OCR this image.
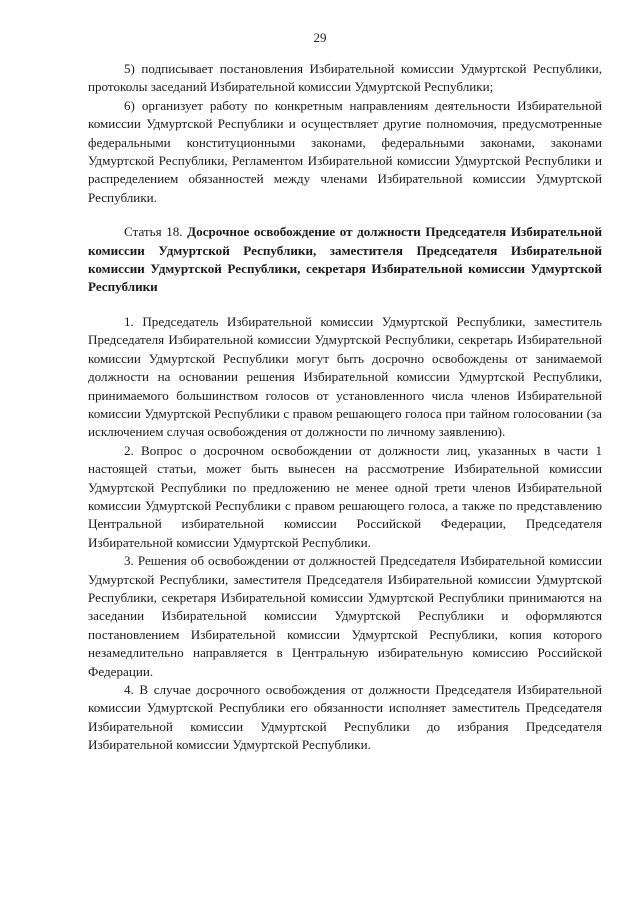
29

5) подписывает постановления Избирательной комиссии Удмуртской Республики, протоколы заседаний Избирательной комиссии Удмуртской Республики;

6) организует работу по конкретным направлениям деятельности Избирательной комиссии Удмуртской Республики и осуществляет другие полномочия, предусмотренные федеральными конституционными законами, федеральными законами, законами Удмуртской Республики, Регламентом Избирательной комиссии Удмуртской Республики и распределением обязанностей между членами Избирательной комиссии Удмуртской Республики.

Статья 18. Досрочное освобождение от должности Председателя Избирательной комиссии Удмуртской Республики, заместителя Председателя Избирательной комиссии Удмуртской Республики, секретаря Избирательной комиссии Удмуртской Республики

1. Председатель Избирательной комиссии Удмуртской Республики, заместитель Председателя Избирательной комиссии Удмуртской Республики, секретарь Избирательной комиссии Удмуртской Республики могут быть досрочно освобождены от занимаемой должности на основании решения Избирательной комиссии Удмуртской Республики, принимаемого большинством голосов от установленного числа членов Избирательной комиссии Удмуртской Республики с правом решающего голоса при тайном голосовании (за исключением случая освобождения от должности по личному заявлению).

2. Вопрос о досрочном освобождении от должности лиц, указанных в части 1 настоящей статьи, может быть вынесен на рассмотрение Избирательной комиссии Удмуртской Республики по предложению не менее одной трети членов Избирательной комиссии Удмуртской Республики с правом решающего голоса, а также по представлению Центральной избирательной комиссии Российской Федерации, Председателя Избирательной комиссии Удмуртской Республики.

3. Решения об освобождении от должностей Председателя Избирательной комиссии Удмуртской Республики, заместителя Председателя Избирательной комиссии Удмуртской Республики, секретаря Избирательной комиссии Удмуртской Республики принимаются на заседании Избирательной комиссии Удмуртской Республики и оформляются постановлением Избирательной комиссии Удмуртской Республики, копия которого незамедлительно направляется в Центральную избирательную комиссию Российской Федерации.

4. В случае досрочного освобождения от должности Председателя Избирательной комиссии Удмуртской Республики его обязанности исполняет заместитель Председателя Избирательной комиссии Удмуртской Республики до избрания Председателя Избирательной комиссии Удмуртской Республики.
